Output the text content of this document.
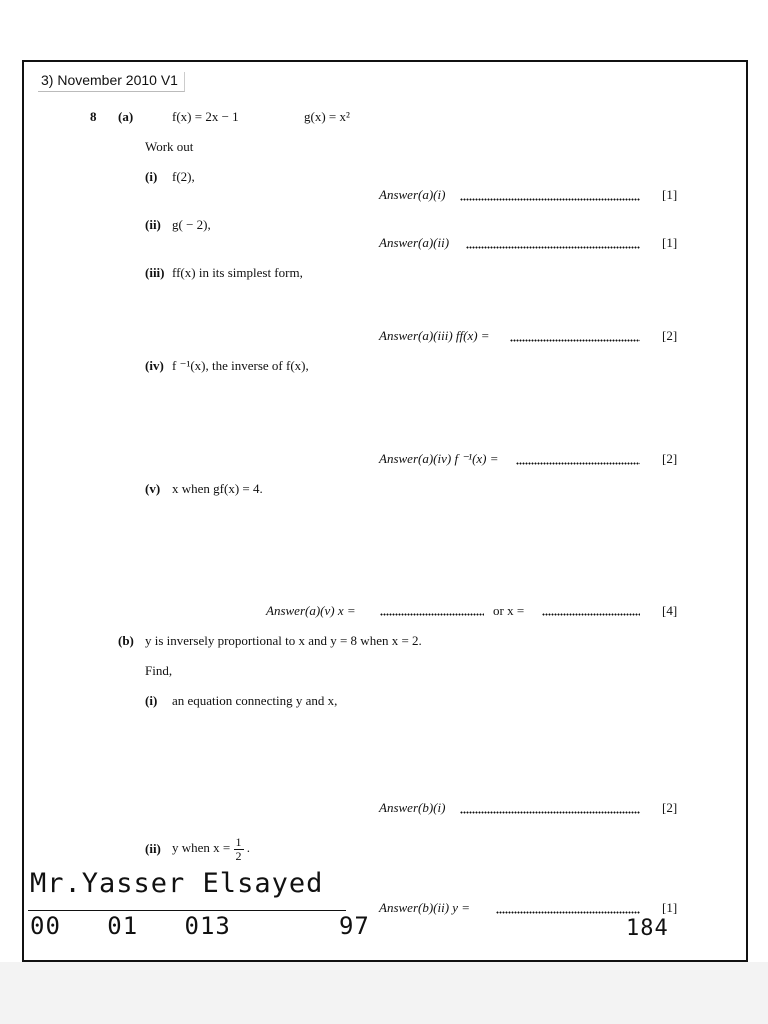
3) November 2010 V1
8 (a)	f(x) = 2x − 1	g(x) = x²
Work out
(i) f(2),
Answer(a)(i)	[1]
(ii) g( − 2),
Answer(a)(ii)	[1]
(iii) ff(x) in its simplest form,
Answer(a)(iii) ff(x) =	[2]
(iv) f ⁻¹(x), the inverse of f(x),
Answer(a)(iv) f ⁻¹(x) =	[2]
(v) x when gf(x) = 4.
Answer(a)(v) x =	or x =	[4]
(b) y is inversely proportional to x and y = 8 when x = 2.
Find,
(i) an equation connecting y and x,
Answer(b)(i)	[2]
(ii) y when $x = \frac{1}{2}$ .
Answer(b)(ii) y =	[1]
Mr.Yasser Elsayed
00   01   013       97	184
